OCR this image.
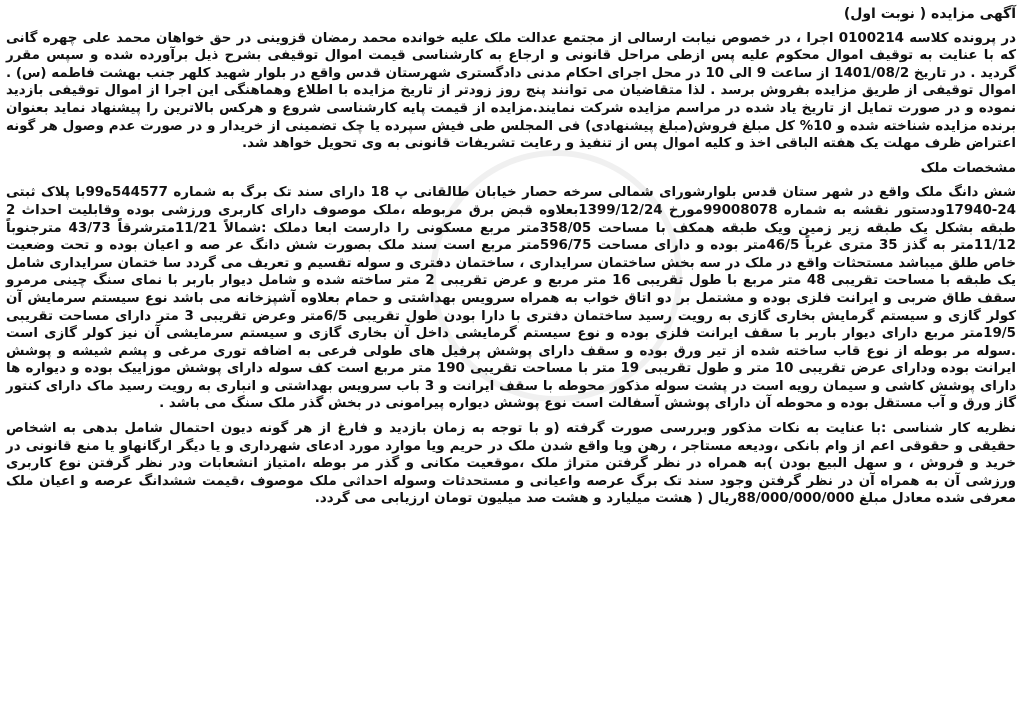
آگهی مزایده ( نوبت اول)

در پرونده کلاسه 0100214 اجرا ، در خصوص نیابت ارسالی از مجتمع عدالت ملک علیه خوانده محمد رمضان قزوینی در حق خواهان محمد علی چهره گانی که با عنایت به توقیف اموال محکوم علیه پس ازطی مراحل قانونی و ارجاع به کارشناسی قیمت اموال توقیفی بشرح ذیل برآورده شده و سپس مقرر گردید . در تاریخ 1401/08/2 از ساعت 9 الی 10 در محل اجرای احکام مدنی دادگستری شهرستان قدس واقع در بلوار شهید کلهر جنب بهشت فاطمه (س) . اموال توقیفی از طریق مزایده بفروش برسد . لذا متقاضیان می توانند پنج روز زودتر از تاریخ مزایده با اطلاع وهماهنگی این اجرا از اموال توقیفی بازدید نموده و در صورت تمایل از تاریخ یاد شده در مراسم مزایده شرکت نمایند.مزایده از قیمت پایه کارشناسی شروع و هرکس بالاترین را پیشنهاد نماید بعنوان برنده مزایده شناخته شده و 10% کل مبلغ فروش(مبلغ پیشنهادی) فی المجلس طی فیش سپرده یا چک تضمینی از خریدار و در صورت عدم وصول هر گونه اعتراض ظرف مهلت یک هفته الباقی اخذ و کلیه اموال پس از تنفیذ و رعایت تشریفات قانونی به وی تحویل خواهد شد.

مشخصات ملک

شش دانگ ملک واقع در شهر ستان قدس بلوارشورای شمالی سرخه حصار خیابان طالقانی پ 18 دارای سند تک برگ به شماره 544577ه99با پلاک ثبتی 24-17940ودستور نقشه به شماره 99008078مورخ 1399/12/24بعلاوه قبض برق مربوطه ،ملک موصوف دارای کاربری ورزشی بوده وقابلیت احداث 2 طبقه بشکل یک طبقه زیر زمین ویک طبقه همکف با مساحت 358/05متر مربع مسکونی را دارست ابعا دملک :شمالاً 11/21مترشرقاً 43/73 مترجنوباً 11/12متر به گذز 35 متری غرباً 46/5متر بوده و دارای مساحت 596/75متر مربع است سند ملک بصورت شش دانگ عر صه و اعیان بوده و تحت وضعیت خاص طلق میباشد مستحثات واقع در ملک در سه بخش ساختمان سرایداری ، ساختمان دفتری و سوله تقسیم و تعریف می گردد سا ختمان سرایداری شامل یک طبقه با مساحت تقریبی 48 متر مربع با طول تقریبی 16 متر مربع و عرض تقریبی 2 متر ساخته شده و شامل دیوار باربر با نمای سنگ چینی مرمرو سقف طاق ضربی و ایرانت فلزی بوده و مشتمل بر دو اتاق خواب به همراه سرویس بهداشتی و حمام بعلاوه آشپزخانه می باشد نوع سیستم سرمایش آن کولر گازی و سیستم گرمایش بخاری گازی به رویت رسید ساختمان دفتری با دارا بودن طول تقریبی 6/5متر وعرض تقریبی 3 متر دارای مساحت تقریبی 19/5متر مربع دارای دیوار باربر با سقف ایرانت فلزی بوده و نوع سیستم گرمایشی داخل آن بخاری گازی و سیستم سرمایشی آن نیز کولر گازی است .سوله مر بوطه از نوع قاب ساخته شده از تیر ورق بوده و سقف دارای پوشش پرفیل های طولی فرعی به اضافه توری مرغی و پشم شیشه و پوشش ایرانت بوده ودارای عرض تقریبی 10 متر و طول تقریبی 19 متر با مساحت تقریبی 190 متر مربع است کف سوله دارای پوشش موزاییک بوده و دیواره ها دارای پوشش کاشی و سیمان رویه است در پشت سوله مذکور محوطه با سقف ایرانت و 3 باب سرویس بهداشتی و انباری به رویت رسید ماک دارای کنتور گاز ورق و آب مستقل بوده و محوطه آن دارای پوشش آسفالت است نوع پوشش دیواره پیرامونی در بخش گذر ملک سنگ می باشد .

نظریه کار شناسی :با عنایت به نکات مذکور وبررسی صورت گرفته (و با توجه به زمان بازدید و فارغ از هر گونه دیون احتمال شامل بدهی به اشخاص حقیقی و حقوقی اعم از وام بانکی ،ودیعه مستاجر ، رهن ویا واقع شدن ملک در حریم ویا موارد مورد ادعای شهرداری و یا دیگر ارگانهاو یا منع قانونی در خرید و فروش ، و سهل البیع بودن )به همراه در نظر گرفتن متراژ ملک ،موقعیت مکانی و گذر مر بوطه ،امتیاز انشعابات ودر نظر گرفتن نوع کاربری ورزشی آن به همراه آن در نظر گرفتن وجود سند تک برگ عرصه واعیانی و مستحدثات وسوله احداثی ملک موصوف ،قیمت ششدانگ عرصه و اعیان ملک معرفی شده معادل مبلغ 88/000/000/000ریال ( هشت میلیارد و هشت صد میلیون تومان ارزیابی می گردد.
